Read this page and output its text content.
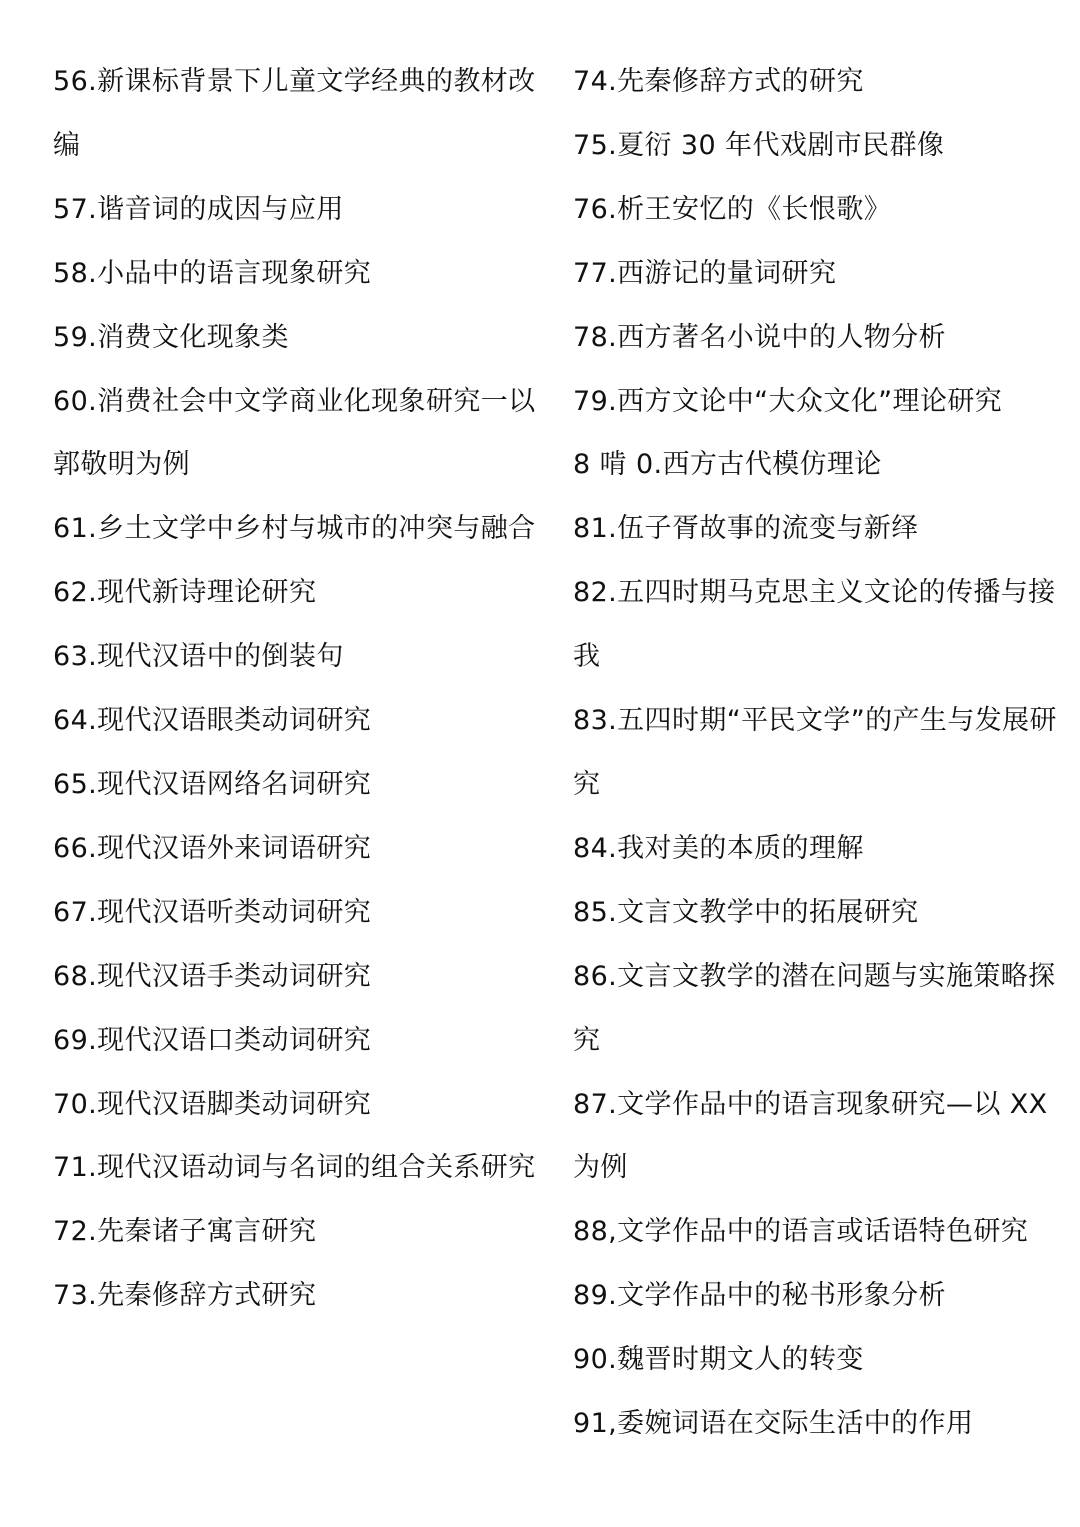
56.新课标背景下儿童文学经典的教材改编
57.谐音词的成因与应用
58.小品中的语言现象研究
59.消费文化现象类
60.消费社会中文学商业化现象研究一以郭敬明为例
61.乡土文学中乡村与城市的冲突与融合
62.现代新诗理论研究
63.现代汉语中的倒装句
64.现代汉语眼类动词研究
65.现代汉语网络名词研究
66.现代汉语外来词语研究
67.现代汉语听类动词研究
68.现代汉语手类动词研究
69.现代汉语口类动词研究
70.现代汉语脚类动词研究
71.现代汉语动词与名词的组合关系研究
72.先秦诸子寓言研究
73.先秦修辞方式研究
74.先秦修辞方式的研究
75.夏衍 30 年代戏剧市民群像
76.析王安忆的《长恨歌》
77.西游记的量词研究
78.西方著名小说中的人物分析
79.西方文论中“大众文化”理论研究
8 啃 0.西方古代模仿理论
81.伍子胥故事的流变与新绎
82.五四时期马克思主义文论的传播与接我
83.五四时期“平民文学”的产生与发展研究
84.我对美的本质的理解
85.文言文教学中的拓展研究
86.文言文教学的潜在问题与实施策略探究
87.文学作品中的语言现象研究—以 XX 为例
88,文学作品中的语言或话语特色研究
89.文学作品中的秘书形象分析
90.魏晋时期文人的转变
91,委婉词语在交际生活中的作用
